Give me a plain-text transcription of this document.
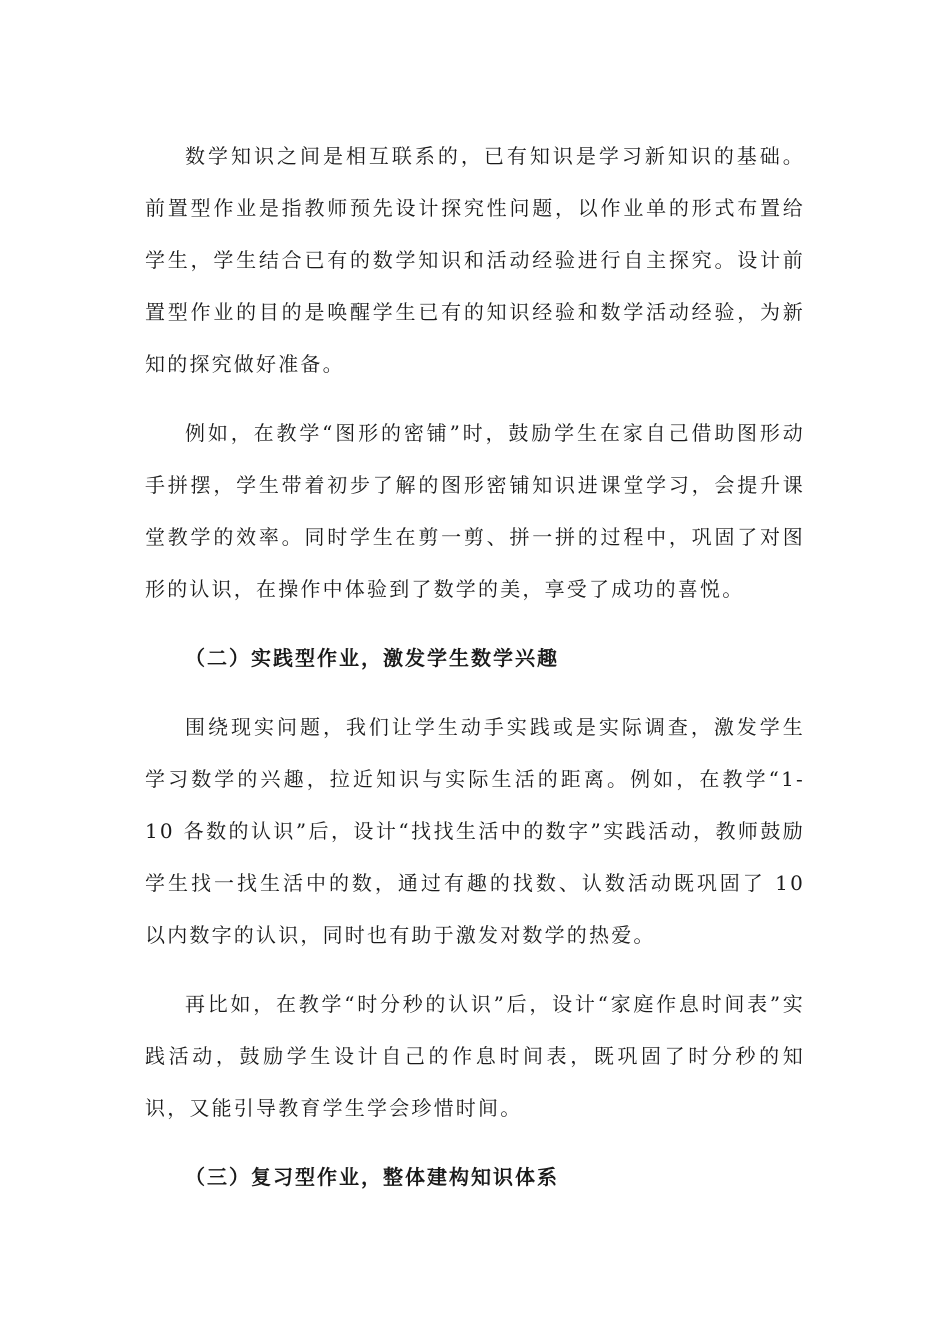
数学知识之间是相互联系的，已有知识是学习新知识的基础。前置型作业是指教师预先设计探究性问题，以作业单的形式布置给学生，学生结合已有的数学知识和活动经验进行自主探究。设计前置型作业的目的是唤醒学生已有的知识经验和数学活动经验，为新知的探究做好准备。

例如，在教学“图形的密铺”时，鼓励学生在家自己借助图形动手拼摆，学生带着初步了解的图形密铺知识进课堂学习，会提升课堂教学的效率。同时学生在剪一剪、拼一拼的过程中，巩固了对图形的认识，在操作中体验到了数学的美，享受了成功的喜悦。

（二）实践型作业，激发学生数学兴趣

围绕现实问题，我们让学生动手实践或是实际调查，激发学生学习数学的兴趣，拉近知识与实际生活的距离。例如，在教学“1-10 各数的认识”后，设计“找找生活中的数字”实践活动，教师鼓励学生找一找生活中的数，通过有趣的找数、认数活动既巩固了 10 以内数字的认识，同时也有助于激发对数学的热爱。

再比如，在教学“时分秒的认识”后，设计“家庭作息时间表”实践活动，鼓励学生设计自己的作息时间表，既巩固了时分秒的知识，又能引导教育学生学会珍惜时间。

（三）复习型作业，整体建构知识体系
